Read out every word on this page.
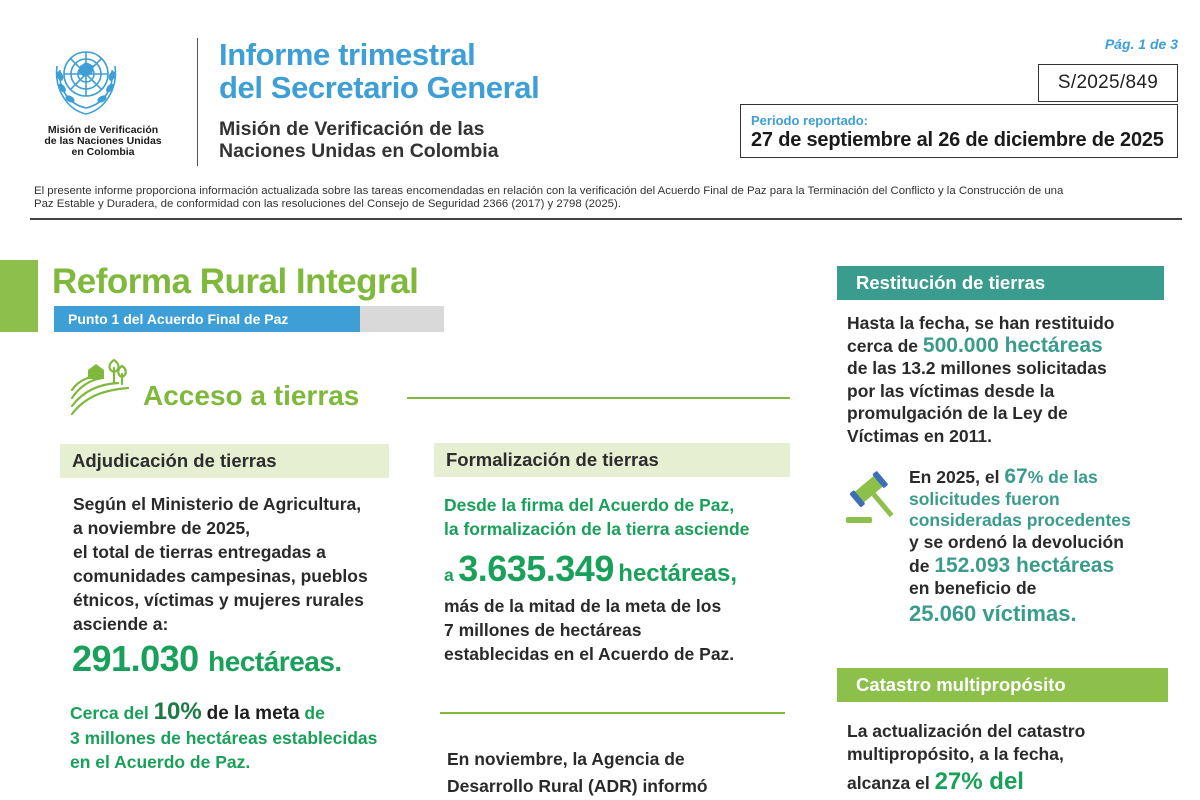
Misión de Verificación
de las Naciones Unidas
en Colombia
Informe trimestral
del Secretario General
Misión de Verificación de las
Naciones Unidas en Colombia
Pág. 1 de 3
S/2025/849
Periodo reportado:
27 de septiembre al 26 de diciembre de 2025
El presente informe proporciona información actualizada sobre las tareas encomendadas en relación con la verificación del Acuerdo Final de Paz para la Terminación del Conflicto y la Construcción de una
Paz Estable y Duradera, de conformidad con las resoluciones del Consejo de Seguridad 2366 (2017) y 2798 (2025).
Reforma Rural Integral
Punto 1 del Acuerdo Final de Paz
Acceso a tierras
Adjudicación de tierras
Según el Ministerio de Agricultura,
a noviembre de 2025,
el total de tierras entregadas a
comunidades campesinas, pueblos
étnicos, víctimas y mujeres rurales
asciende a:
291.030 hectáreas.
Cerca del 10% de la meta de
3 millones de hectáreas establecidas
en el Acuerdo de Paz.
Formalización de tierras
Desde la firma del Acuerdo de Paz,
la formalización de la tierra asciende
a 3.635.349 hectáreas,
más de la mitad de la meta de los
7 millones de hectáreas
establecidas en el Acuerdo de Paz.
En noviembre, la Agencia de
Desarrollo Rural (ADR) informó
Restitución de tierras
Hasta la fecha, se han restituido
cerca de 500.000 hectáreas
de las 13.2 millones solicitadas
por las víctimas desde la
promulgación de la Ley de
Víctimas en 2011.
En 2025, el 67% de las
solicitudes fueron
consideradas procedentes
y se ordenó la devolución
de 152.093 hectáreas
en beneficio de
25.060 víctimas.
Catastro multipropósito
La actualización del catastro
multipropósito, a la fecha,
alcanza el 27% del
